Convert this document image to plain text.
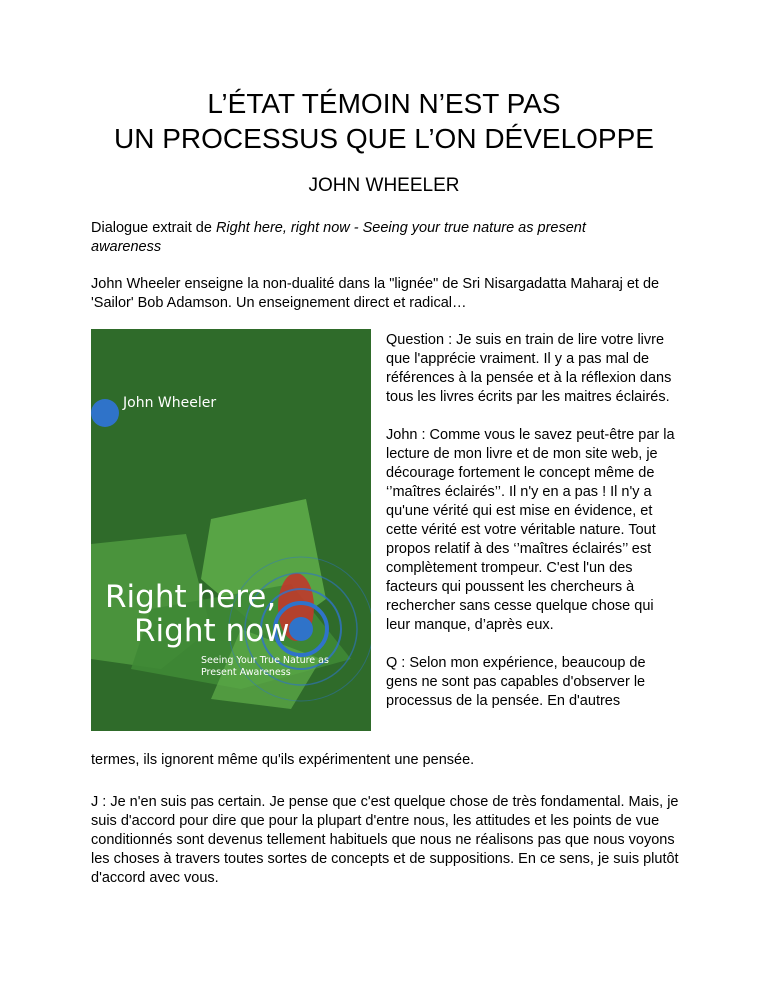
L’ÉTAT TÉMOIN N’EST PAS
UN PROCESSUS QUE L’ON DÉVELOPPE
JOHN WHEELER
Dialogue extrait de Right here, right now - Seeing your true nature as present awareness

John Wheeler enseigne la non-dualité dans la "lignée" de Sri Nisargadatta Maharaj et de 'Sailor' Bob Adamson. Un enseignement direct et radical…

John Wheeler
Right here,
Right now
Seeing Your True Nature as
Present Awareness

Question : Je suis en train de lire votre livre que l'apprécie vraiment. Il y a pas mal de références à la pensée et à la réflexion dans tous les livres écrits par les maitres éclairés.

John : Comme vous le savez peut-être par la lecture de mon livre et de mon site web, je décourage fortement le concept même de ‘’maîtres éclairés’’. Il n'y en a pas ! Il n'y a qu'une vérité qui est mise en évidence, et cette vérité est votre véritable nature. Tout propos relatif à des ‘’maîtres éclairés’’ est complètement trompeur. C'est l'un des facteurs qui poussent les chercheurs à rechercher sans cesse quelque chose qui leur manque, d’après eux.

Q : Selon mon expérience, beaucoup de gens ne sont pas capables d'observer le processus de la pensée. En d'autres

termes, ils ignorent même qu'ils expérimentent une pensée.

J : Je n'en suis pas certain. Je pense que c'est quelque chose de très fondamental. Mais, je suis d'accord pour dire que pour la plupart d'entre nous, les attitudes et les points de vue conditionnés sont devenus tellement habituels que nous ne réalisons pas que nous voyons les choses à travers toutes sortes de concepts et de suppositions. En ce sens, je suis plutôt d'accord avec vous.
